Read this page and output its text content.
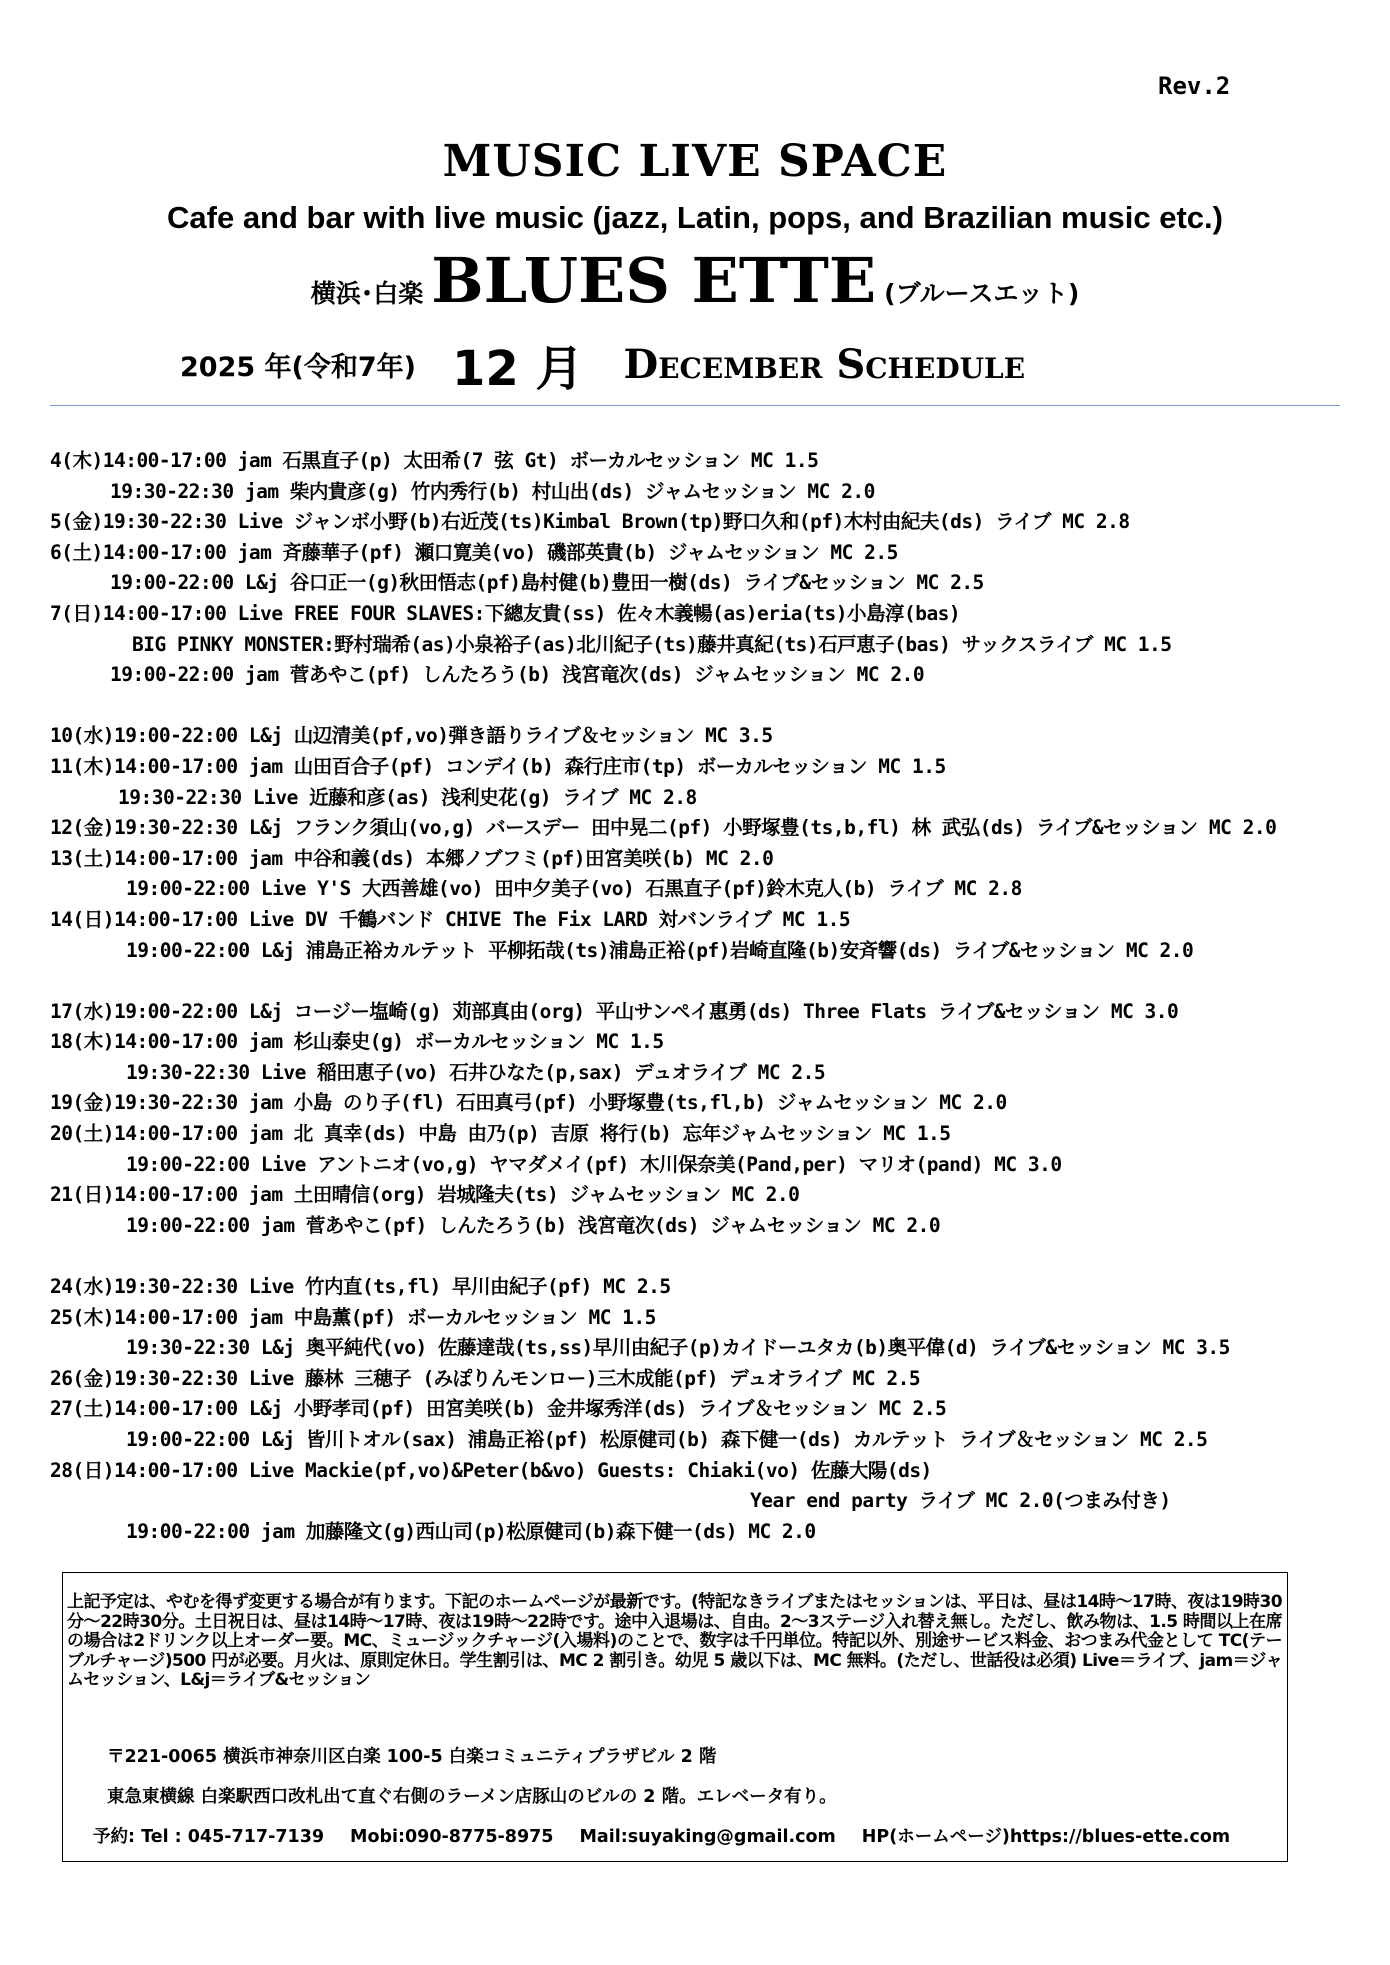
Rev.2
MUSIC LIVE SPACE
Cafe and bar with live music (jazz, Latin, pops, and Brazilian music etc.)
横浜･白楽 BLUES ETTE (ブルースエット)
2025 年(令和7年) 12 月 December Schedule
4(木)14:00-17:00 jam 石黒直子(p) 太田希(7 弦 Gt) ボーカルセッション MC 1.5
19:30-22:30 jam 柴内貴彦(g) 竹内秀行(b) 村山出(ds) ジャムセッション MC 2.0
5(金)19:30-22:30 Live ジャンボ小野(b)右近茂(ts)Kimbal Brown(tp)野口久和(pf)木村由紀夫(ds) ライブ MC 2.8
6(土)14:00-17:00 jam 斉藤華子(pf) 瀬口寛美(vo) 磯部英貴(b) ジャムセッション MC 2.5
19:00-22:00 L&j 谷口正一(g)秋田悟志(pf)島村健(b)豊田一樹(ds) ライブ&セッション MC 2.5
7(日)14:00-17:00 Live FREE FOUR SLAVES:下總友貴(ss) 佐々木義暢(as)eria(ts)小島淳(bas)
BIG PINKY MONSTER:野村瑞希(as)小泉裕子(as)北川紀子(ts)藤井真紀(ts)石戸恵子(bas) サックスライブ MC 1.5
19:00-22:00 jam 菅あやこ(pf) しんたろう(b) 浅宮竜次(ds) ジャムセッション MC 2.0
10(水)19:00-22:00 L&j 山辺清美(pf,vo)弾き語りライブ＆セッション MC 3.5
11(木)14:00-17:00 jam 山田百合子(pf) コンデイ(b) 森行庄市(tp) ボーカルセッション MC 1.5
19:30-22:30 Live 近藤和彦(as) 浅利史花(g) ライブ MC 2.8
12(金)19:30-22:30 L&j フランク須山(vo,g) バースデー 田中晃二(pf) 小野塚豊(ts,b,fl) 林 武弘(ds) ライブ&セッション MC 2.0
13(土)14:00-17:00 jam 中谷和義(ds) 本郷ノブフミ(pf)田宮美咲(b) MC 2.0
19:00-22:00 Live Y'S 大西善雄(vo) 田中夕美子(vo) 石黒直子(pf)鈴木克人(b) ライブ MC 2.8
14(日)14:00-17:00 Live DV 千鶴バンド CHIVE The Fix LARD 対バンライブ MC 1.5
19:00-22:00 L&j 浦島正裕カルテット 平柳拓哉(ts)浦島正裕(pf)岩崎直隆(b)安斉響(ds) ライブ&セッション MC 2.0
17(水)19:00-22:00 L&j コージー塩崎(g) 苅部真由(org) 平山サンペイ惠勇(ds) Three Flats ライブ&セッション MC 3.0
18(木)14:00-17:00 jam 杉山泰史(g) ボーカルセッション MC 1.5
19:30-22:30 Live 稲田恵子(vo) 石井ひなた(p,sax) デュオライブ MC 2.5
19(金)19:30-22:30 jam 小島 のり子(fl) 石田真弓(pf) 小野塚豊(ts,fl,b) ジャムセッション MC 2.0
20(土)14:00-17:00 jam 北 真幸(ds) 中島 由乃(p) 吉原 将行(b) 忘年ジャムセッション MC 1.5
19:00-22:00 Live アントニオ(vo,g) ヤマダメイ(pf) 木川保奈美(Pand,per) マリオ(pand) MC 3.0
21(日)14:00-17:00 jam 土田晴信(org) 岩城隆夫(ts) ジャムセッション MC 2.0
19:00-22:00 jam 菅あやこ(pf) しんたろう(b) 浅宮竜次(ds) ジャムセッション MC 2.0
24(水)19:30-22:30 Live 竹内直(ts,fl) 早川由紀子(pf) MC 2.5
25(木)14:00-17:00 jam 中島薫(pf) ボーカルセッション MC 1.5
19:30-22:30 L&j 奥平純代(vo) 佐藤達哉(ts,ss)早川由紀子(p)カイドーユタカ(b)奥平偉(d) ライブ&セッション MC 3.5
26(金)19:30-22:30 Live 藤林 三穂子 (みぽりんモンロー)三木成能(pf) デュオライブ MC 2.5
27(土)14:00-17:00 L&j 小野孝司(pf) 田宮美咲(b) 金井塚秀洋(ds) ライブ＆セッション MC 2.5
19:00-22:00 L&j 皆川トオル(sax) 浦島正裕(pf) 松原健司(b) 森下健一(ds) カルテット ライブ＆セッション MC 2.5
28(日)14:00-17:00 Live Mackie(pf,vo)&Peter(b&vo) Guests: Chiaki(vo) 佐藤大陽(ds)
Year end party ライブ MC 2.0(つまみ付き)
19:00-22:00 jam 加藤隆文(g)西山司(p)松原健司(b)森下健一(ds) MC 2.0
上記予定は、やむを得ず変更する場合が有ります。下記のホームページが最新です。(特記なきライブまたはセッションは、平日は、昼は14時～17時、夜は19時30分～22時30分。土日祝日は、昼は14時～17時、夜は19時～22時です。途中入退場は、自由。2～3ステージ入れ替え無し。ただし、飲み物は、1.5 時間以上在席の場合は2ドリンク以上オーダー要。MC、ミュージックチャージ(入場料)のことで、数字は千円単位。特記以外、別途サービス料金、おつまみ代金として TC(テーブルチャージ)500 円が必要。月火は、原則定休日。学生割引は、MC 2 割引き。幼児 5 歳以下は、MC 無料。(ただし、世話役は必須) Live＝ライブ、jam＝ジャムセッション、L&j＝ライブ&セッション
〒221-0065 横浜市神奈川区白楽 100-5 白楽コミュニティプラザビル 2 階
東急東横線 白楽駅西口改札出て直ぐ右側のラーメン店豚山のビルの 2 階。エレベータ有り。
予約: Tel : 045-717-7139 Mobi:090-8775-8975 Mail:suyaking@gmail.com HP(ホームページ)https://blues-ette.com
